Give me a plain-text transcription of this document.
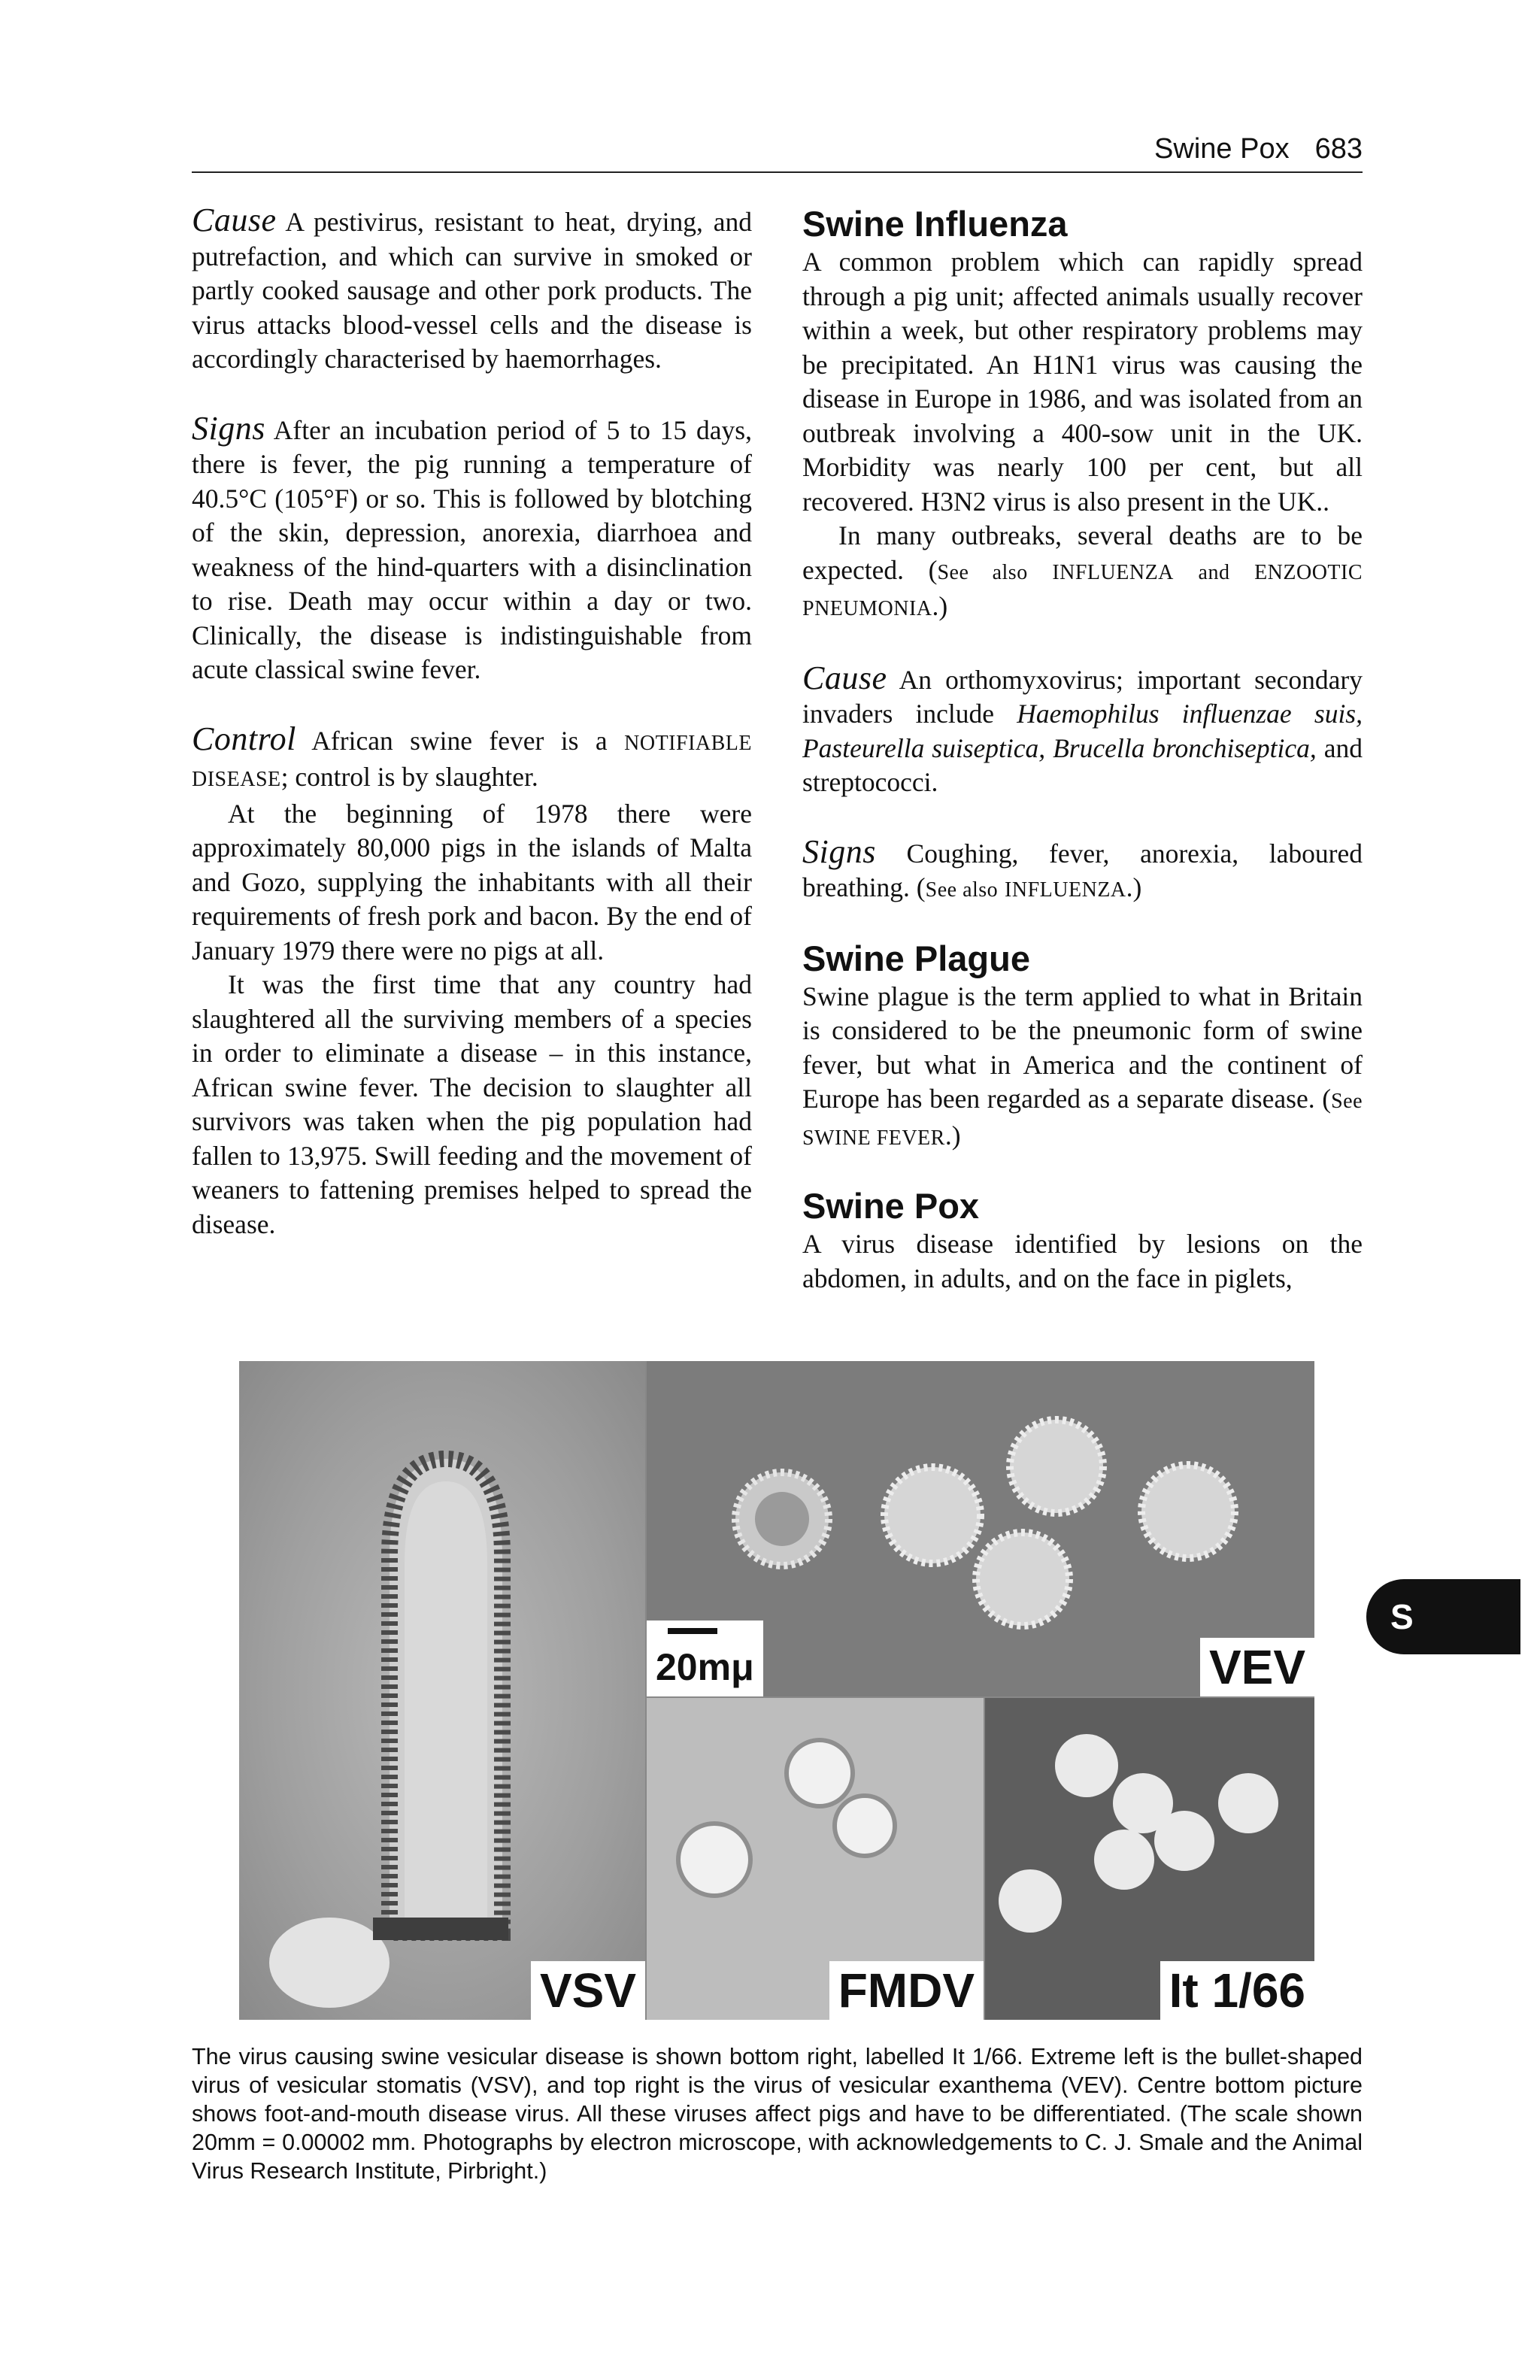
Swine Pox 683

Cause A pestivirus, resistant to heat, drying, and putrefaction, and which can survive in smoked or partly cooked sausage and other pork products. The virus attacks blood-vessel cells and the disease is accordingly characterised by haemorrhages.

Signs After an incubation period of 5 to 15 days, there is fever, the pig running a temperature of 40.5°C (105°F) or so. This is followed by blotching of the skin, depression, anorexia, diarrhoea and weakness of the hind-quarters with a disinclination to rise. Death may occur within a day or two. Clinically, the disease is indistinguishable from acute classical swine fever.

Control African swine fever is a NOTIFIABLE DISEASE; control is by slaughter.

At the beginning of 1978 there were approximately 80,000 pigs in the islands of Malta and Gozo, supplying the inhabitants with all their requirements of fresh pork and bacon. By the end of January 1979 there were no pigs at all.

It was the first time that any country had slaughtered all the surviving members of a species in order to eliminate a disease – in this instance, African swine fever. The decision to slaughter all survivors was taken when the pig population had fallen to 13,975. Swill feeding and the movement of weaners to fattening premises helped to spread the disease.

Swine Influenza

A common problem which can rapidly spread through a pig unit; affected animals usually recover within a week, but other respiratory problems may be precipitated. An H1N1 virus was causing the disease in Europe in 1986, and was isolated from an outbreak involving a 400-sow unit in the UK. Morbidity was nearly 100 per cent, but all recovered. H3N2 virus is also present in the UK..

In many outbreaks, several deaths are to be expected. (See also INFLUENZA and ENZOOTIC PNEUMONIA.)

Cause An orthomyxovirus; important secondary invaders include Haemophilus influenzae suis, Pasteurella suiseptica, Brucella bronchiseptica, and streptococci.

Signs Coughing, fever, anorexia, laboured breathing. (See also INFLUENZA.)

Swine Plague

Swine plague is the term applied to what in Britain is considered to be the pneumonic form of swine fever, but what in America and the continent of Europe has been regarded as a separate disease. (See SWINE FEVER.)

Swine Pox

A virus disease identified by lesions on the abdomen, in adults, and on the face in piglets,

VSV
20mμ	VEV
FMDV	It 1/66
S

The virus causing swine vesicular disease is shown bottom right, labelled It 1/66. Extreme left is the bullet-shaped virus of vesicular stomatis (VSV), and top right is the virus of vesicular exanthema (VEV). Centre bottom picture shows foot-and-mouth disease virus. All these viruses affect pigs and have to be differentiated. (The scale shown 20mm = 0.00002 mm. Photographs by electron microscope, with acknowledgements to C. J. Smale and the Animal Virus Research Institute, Pirbright.)
